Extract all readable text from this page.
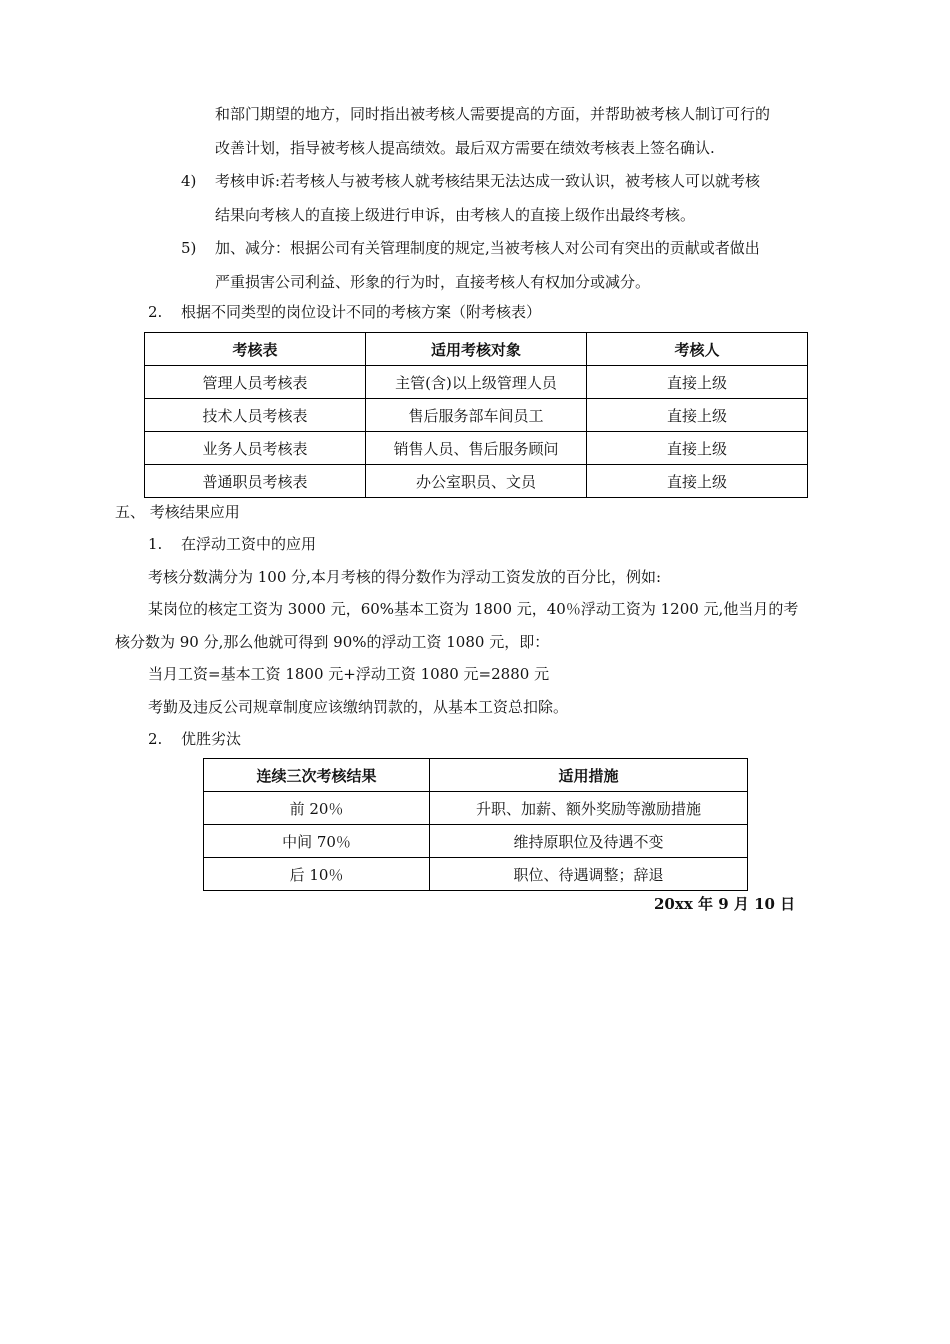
和部门期望的地方，同时指出被考核人需要提高的方面，并帮助被考核人制订可行的
改善计划，指导被考核人提高绩效。最后双方需要在绩效考核表上签名确认.
4) 考核申诉:若考核人与被考核人就考核结果无法达成一致认识，被考核人可以就考核
结果向考核人的直接上级进行申诉，由考核人的直接上级作出最终考核。
5) 加、减分：根据公司有关管理制度的规定,当被考核人对公司有突出的贡献或者做出
严重损害公司利益、形象的行为时，直接考核人有权加分或减分。
2. 根据不同类型的岗位设计不同的考核方案（附考核表）
考核表	适用考核对象	考核人
管理人员考核表	主管(含)以上级管理人员	直接上级
技术人员考核表	售后服务部车间员工	直接上级
业务人员考核表	销售人员、售后服务顾问	直接上级
普通职员考核表	办公室职员、文员	直接上级
五、 考核结果应用
1. 在浮动工资中的应用
考核分数满分为 100 分,本月考核的得分数作为浮动工资发放的百分比，例如:
某岗位的核定工资为 3000 元，60%基本工资为 1800 元，40％浮动工资为 1200 元,他当月的考
核分数为 90 分,那么他就可得到 90%的浮动工资 1080 元，即：
当月工资=基本工资 1800 元+浮动工资 1080 元=2880 元
考勤及违反公司规章制度应该缴纳罚款的，从基本工资总扣除。
2. 优胜劣汰
连续三次考核结果	适用措施
前 20％	升职、加薪、额外奖励等激励措施
中间 70％	维持原职位及待遇不变
后 10％	职位、待遇调整；辞退
20xx 年 9 月 10 日
